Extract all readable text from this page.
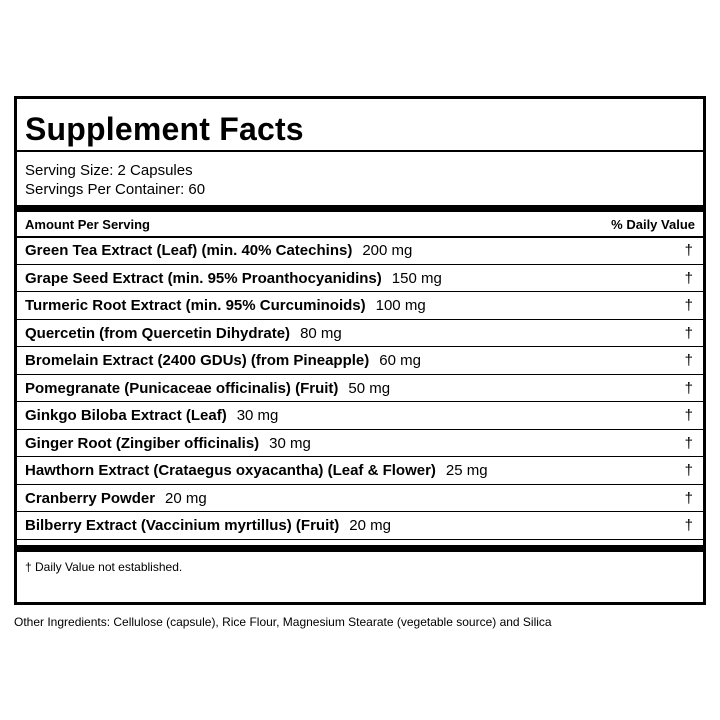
Supplement Facts
Serving Size: 2 Capsules
Servings Per Container: 60
Amount Per Serving	% Daily Value
Green Tea Extract (Leaf) (min. 40% Catechins) 200 mg	†
Grape Seed Extract (min. 95% Proanthocyanidins) 150 mg	†
Turmeric Root Extract (min. 95% Curcuminoids) 100 mg	†
Quercetin (from Quercetin Dihydrate) 80 mg	†
Bromelain Extract (2400 GDUs) (from Pineapple) 60 mg	†
Pomegranate (Punicaceae officinalis) (Fruit) 50 mg	†
Ginkgo Biloba Extract (Leaf) 30 mg	†
Ginger Root (Zingiber officinalis) 30 mg	†
Hawthorn Extract (Crataegus oxyacantha) (Leaf & Flower) 25 mg	†
Cranberry Powder 20 mg	†
Bilberry Extract (Vaccinium myrtillus) (Fruit) 20 mg	†
† Daily Value not established.
Other Ingredients: Cellulose (capsule), Rice Flour, Magnesium Stearate (vegetable source) and Silica
